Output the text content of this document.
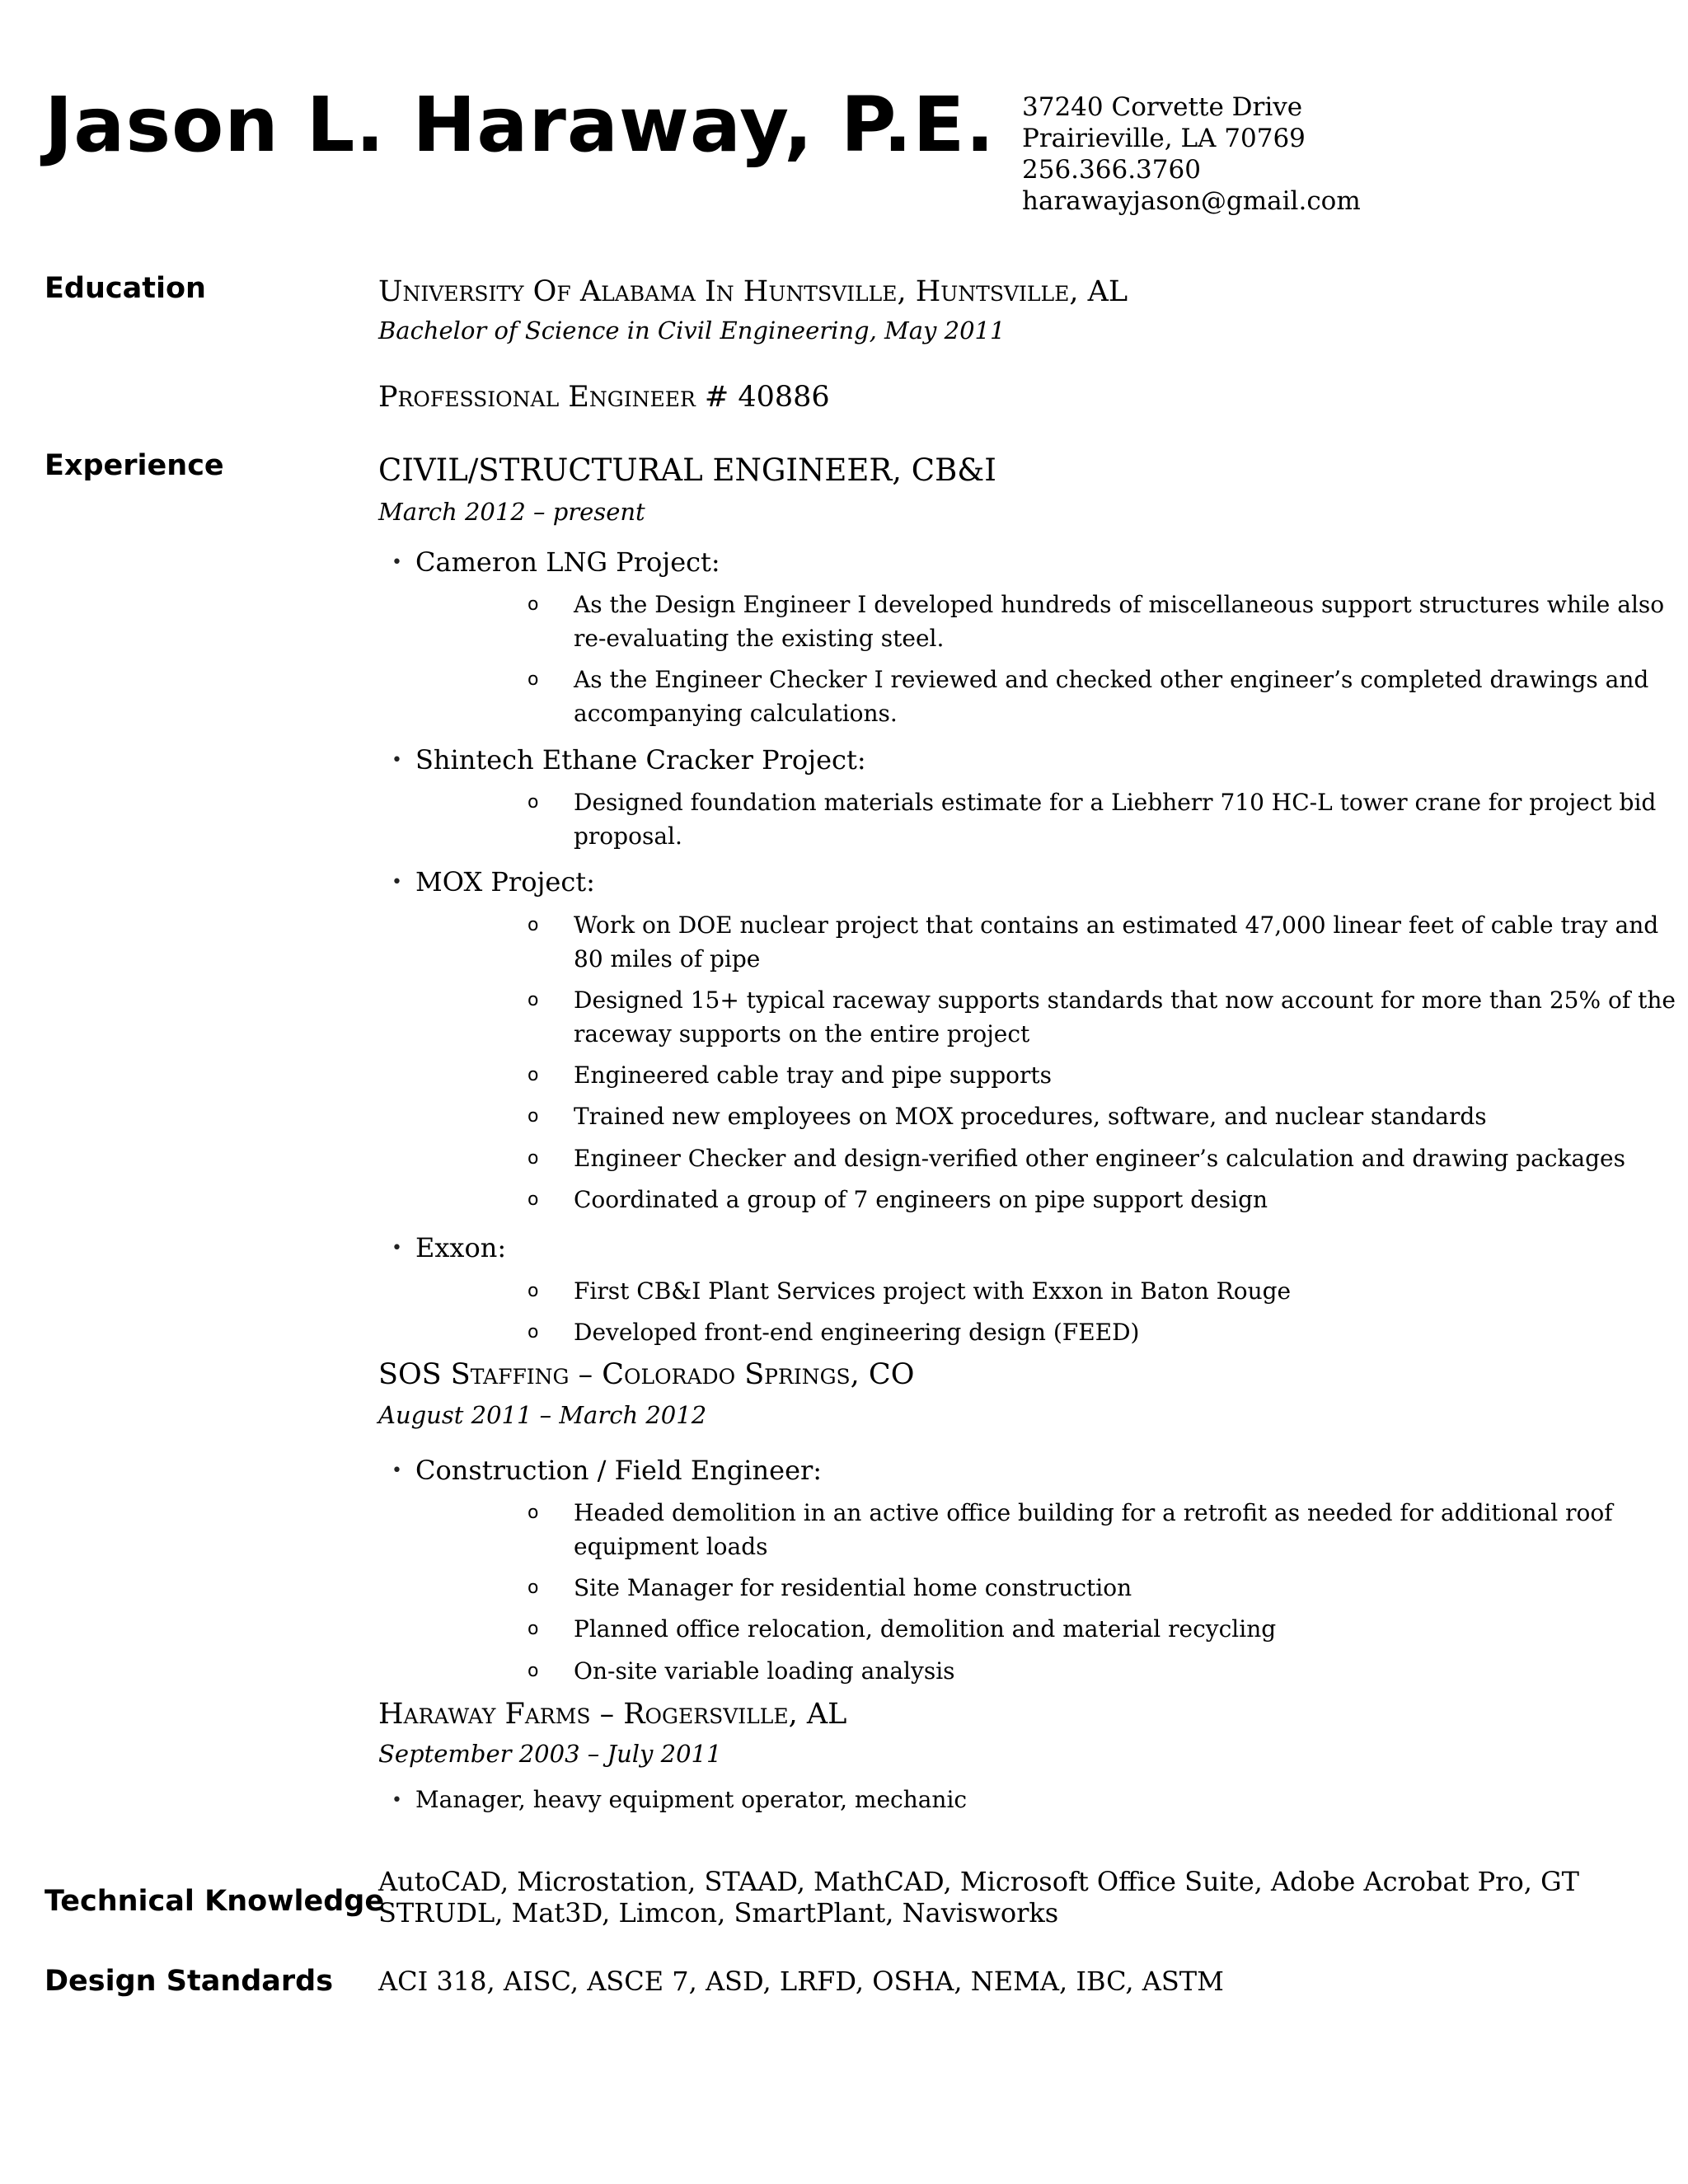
Jason L. Haraway, P.E. 37240 Corvette Drive
Prairieville, LA 70769
256.366.3760
harawayjason@gmail.com
Education	University Of Alabama In Huntsville, Huntsville, AL
Bachelor of Science in Civil Engineering, May 2011
Professional Engineer # 40886
Experience	CIVIL/STRUCTURAL ENGINEER, CB&I
March 2012 – present
• Cameron LNG Project:
o As the Design Engineer I developed hundreds of miscellaneous support structures while also re-evaluating the existing steel.
o As the Engineer Checker I reviewed and checked other engineer’s completed drawings and accompanying calculations.
• Shintech Ethane Cracker Project:
o Designed foundation materials estimate for a Liebherr 710 HC-L tower crane for project bid proposal.
• MOX Project:
o Work on DOE nuclear project that contains an estimated 47,000 linear feet of cable tray and 80 miles of pipe
o Designed 15+ typical raceway supports standards that now account for more than 25% of the raceway supports on the entire project
o Engineered cable tray and pipe supports
o Trained new employees on MOX procedures, software, and nuclear standards
o Engineer Checker and design-verified other engineer’s calculation and drawing packages
o Coordinated a group of 7 engineers on pipe support design
• Exxon:
o First CB&I Plant Services project with Exxon in Baton Rouge
o Developed front-end engineering design (FEED)
SOS Staffing – Colorado Springs, CO
August 2011 – March 2012
• Construction / Field Engineer:
o Headed demolition in an active office building for a retrofit as needed for additional roof equipment loads
o Site Manager for residential home construction
o Planned office relocation, demolition and material recycling
o On-site variable loading analysis
Haraway Farms – Rogersville, AL
September 2003 – July 2011
• Manager, heavy equipment operator, mechanic
Technical Knowledge
AutoCAD, Microstation, STAAD, MathCAD, Microsoft Office Suite, Adobe Acrobat Pro, GT STRUDL, Mat3D, Limcon, SmartPlant, Navisworks
Design Standards ACI 318, AISC, ASCE 7, ASD, LRFD, OSHA, NEMA, IBC, ASTM
